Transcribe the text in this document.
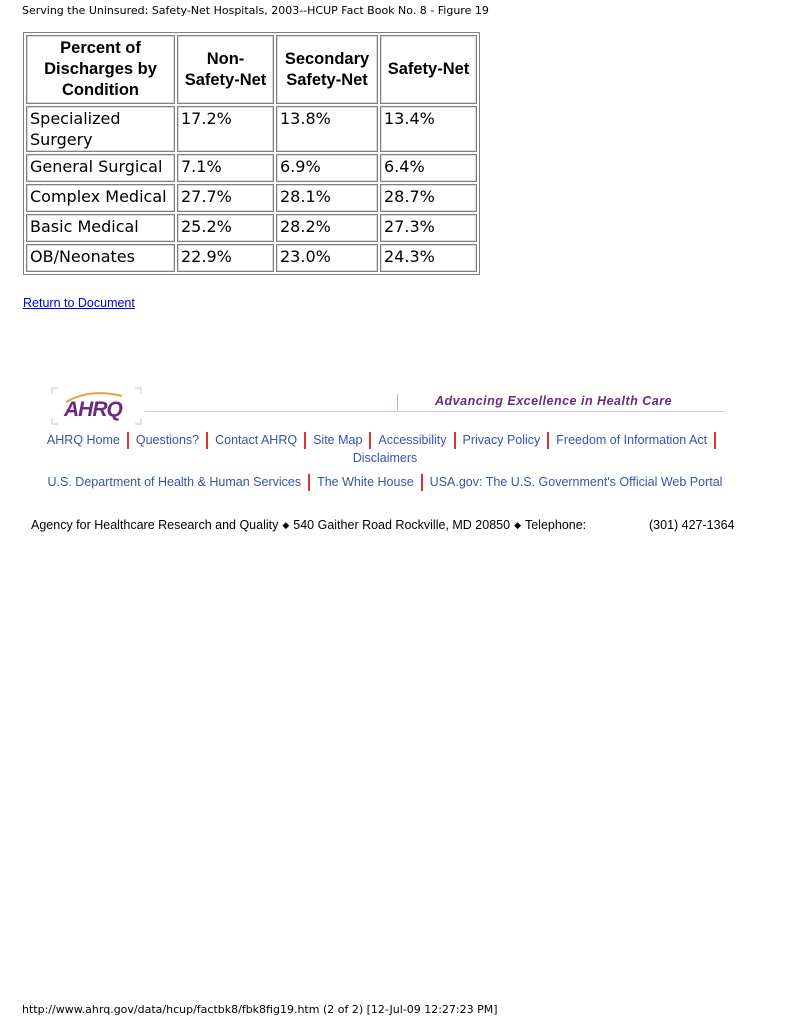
Serving the Uninsured: Safety-Net Hospitals, 2003--HCUP Fact Book No. 8 - Figure 19
Percent of Discharges by Condition	Non-Safety-Net	Secondary Safety-Net	Safety-Net
Specialized Surgery	17.2%	13.8%	13.4%
General Surgical	7.1%	6.9%	6.4%
Complex Medical	27.7%	28.1%	28.7%
Basic Medical	25.2%	28.2%	27.3%
OB/Neonates	22.9%	23.0%	24.3%
Return to Document
AHRQ	Advancing Excellence in Health Care
AHRQ Home Questions? Contact AHRQ Site Map Accessibility Privacy Policy Freedom of Information Act
Disclaimers
U.S. Department of Health & Human Services The White House USA.gov: The U.S. Government's Official Web Portal
Agency for Healthcare Research and Quality ◆ 540 Gaither Road Rockville, MD 20850 ◆ Telephone:	(301) 427-1364
http://www.ahrq.gov/data/hcup/factbk8/fbk8fig19.htm (2 of 2) [12-Jul-09 12:27:23 PM]
